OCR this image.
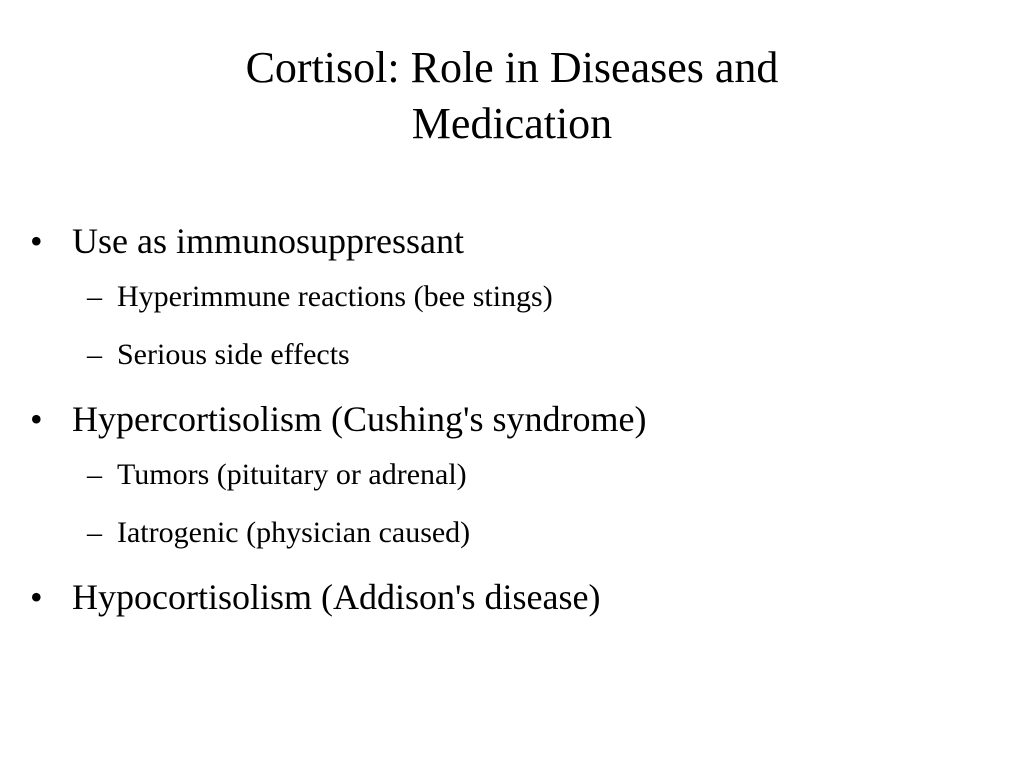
Cortisol: Role in Diseases and
Medication
• Use as immunosuppressant
– Hyperimmune reactions (bee stings)
– Serious side effects
• Hypercortisolism (Cushing's syndrome)
– Tumors (pituitary or adrenal)
– Iatrogenic (physician caused)
• Hypocortisolism (Addison's disease)
